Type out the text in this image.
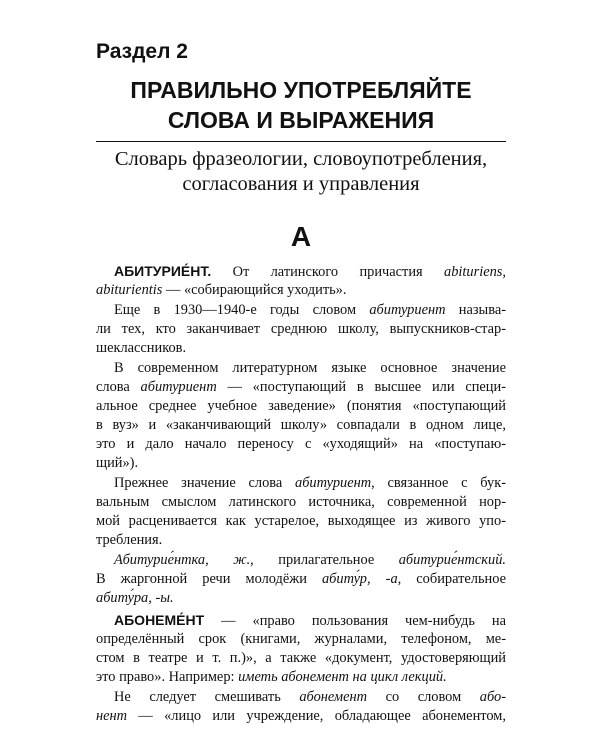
Раздел 2
ПРАВИЛЬНО УПОТРЕБЛЯЙТЕ
СЛОВА И ВЫРАЖЕНИЯ
Словарь фразеологии, словоупотребления,
согласования и управления
А
АБИТУРИЕ́НТ. От латинского причастия abituriens,
abiturientis — «собирающийся уходить».
Еще в 1930—1940-е годы словом абитуриент называ-
ли тех, кто заканчивает среднюю школу, выпускников-стар-
шеклассников.
В современном литературном языке основное значение
слова абитуриент — «поступающий в высшее или специ-
альное среднее учебное заведение» (понятия «поступающий
в вуз» и «заканчивающий школу» совпадали в одном лице,
это и дало начало переносу с «уходящий» на «поступаю-
щий»).
Прежнее значение слова абитуриент, связанное с бук-
вальным смыслом латинского источника, современной нор-
мой расценивается как устарелое, выходящее из живого упо-
требления.
Абитурие́нтка, ж., прилагательное абитурие́нтский.
В жаргонной речи молодёжи абиту́р, -а, собирательное
абиту́ра, -ы.
АБОНЕМЕ́НТ — «право пользования чем-нибудь на
определённый срок (книгами, журналами, телефоном, ме-
стом в театре и т. п.)», а также «документ, удостоверяющий
это право». Например: иметь абонемент на цикл лекций.
Не следует смешивать абонемент со словом або-
нент — «лицо или учреждение, обладающее абонементом,
